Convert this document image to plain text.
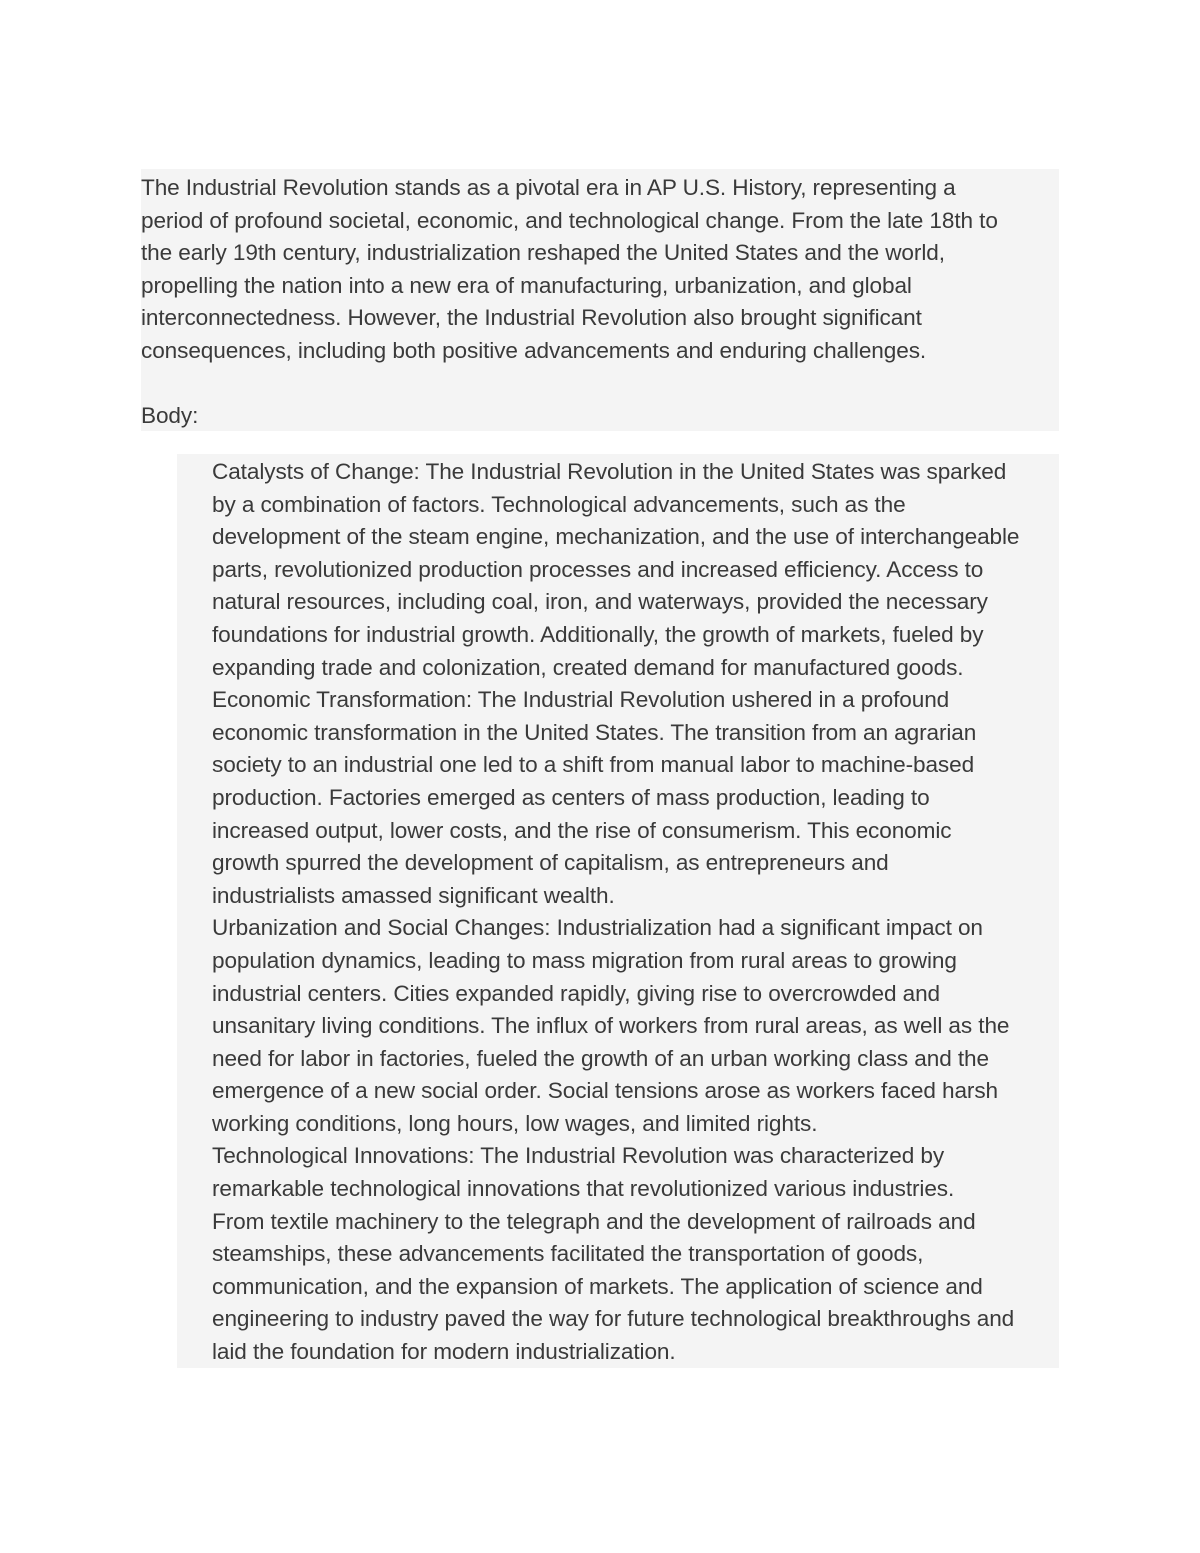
The Industrial Revolution stands as a pivotal era in AP U.S. History, representing a
period of profound societal, economic, and technological change. From the late 18th to
the early 19th century, industrialization reshaped the United States and the world,
propelling the nation into a new era of manufacturing, urbanization, and global
interconnectedness. However, the Industrial Revolution also brought significant
consequences, including both positive advancements and enduring challenges.

Body:

Catalysts of Change: The Industrial Revolution in the United States was sparked
by a combination of factors. Technological advancements, such as the
development of the steam engine, mechanization, and the use of interchangeable
parts, revolutionized production processes and increased efficiency. Access to
natural resources, including coal, iron, and waterways, provided the necessary
foundations for industrial growth. Additionally, the growth of markets, fueled by
expanding trade and colonization, created demand for manufactured goods.

Economic Transformation: The Industrial Revolution ushered in a profound
economic transformation in the United States. The transition from an agrarian
society to an industrial one led to a shift from manual labor to machine-based
production. Factories emerged as centers of mass production, leading to
increased output, lower costs, and the rise of consumerism. This economic
growth spurred the development of capitalism, as entrepreneurs and
industrialists amassed significant wealth.

Urbanization and Social Changes: Industrialization had a significant impact on
population dynamics, leading to mass migration from rural areas to growing
industrial centers. Cities expanded rapidly, giving rise to overcrowded and
unsanitary living conditions. The influx of workers from rural areas, as well as the
need for labor in factories, fueled the growth of an urban working class and the
emergence of a new social order. Social tensions arose as workers faced harsh
working conditions, long hours, low wages, and limited rights.

Technological Innovations: The Industrial Revolution was characterized by
remarkable technological innovations that revolutionized various industries.
From textile machinery to the telegraph and the development of railroads and
steamships, these advancements facilitated the transportation of goods,
communication, and the expansion of markets. The application of science and
engineering to industry paved the way for future technological breakthroughs and
laid the foundation for modern industrialization.
